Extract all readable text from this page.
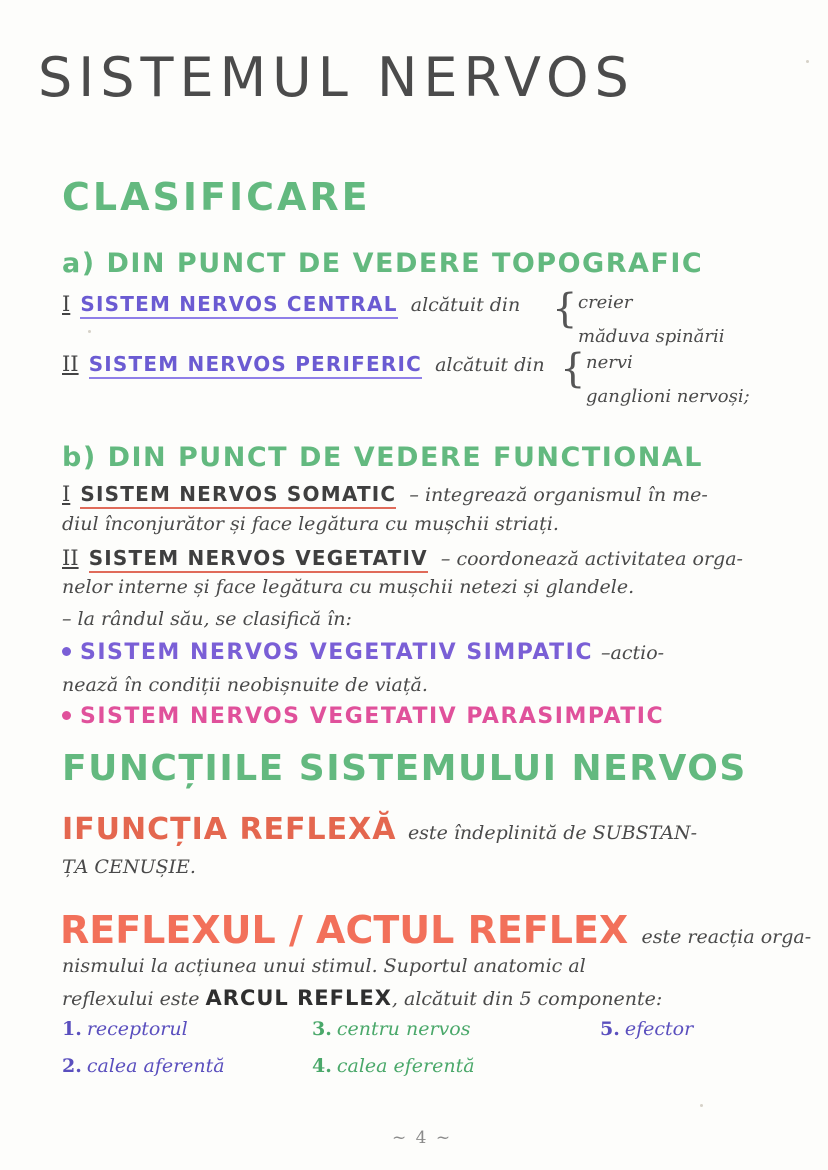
SISTEMUL NERVOS
CLASIFICARE
a) DIN PUNCT DE VEDERE TOPOGRAFIC
I SISTEM NERVOS CENTRAL alcătuit din { creier
măduva spinării
II SISTEM NERVOS PERIFERIC alcătuit din { nervi
ganglioni nervoși;
b) DIN PUNCT DE VEDERE FUNCTIONAL
I SISTEM NERVOS SOMATIC – integrează organismul în me-
diul înconjurător și face legătura cu mușchii striați.
II SISTEM NERVOS VEGETATIV – coordonează activitatea orga-
nelor interne și face legătura cu mușchii netezi și glandele.
– la rândul său, se clasifică în:
SISTEM NERVOS VEGETATIV SIMPATIC –actio-
nează în condiții neobișnuite de viață.
SISTEM NERVOS VEGETATIV PARASIMPATIC
FUNCȚIILE SISTEMULUI NERVOS
IFUNCȚIA REFLEXĂ este îndeplinită de SUBSTAN-
ȚA CENUȘIE.
REFLEXUL / ACTUL REFLEX este reacția orga-
nismului la acțiunea unui stimul. Suportul anatomic al
reflexului este ARCUL REFLEX, alcătuit din 5 componente:
1. receptorul
2. calea aferentă
3. centru nervos
4. calea eferentă
5. efector
~ 4 ~
